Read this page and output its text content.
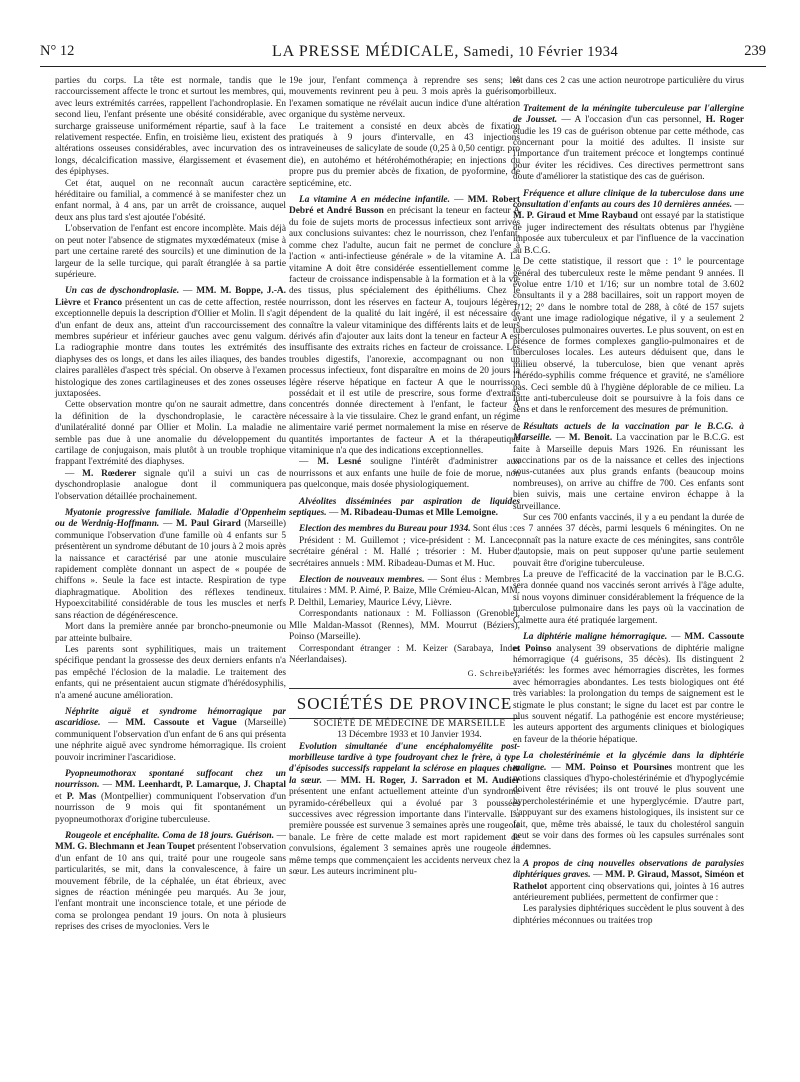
N° 12	LA PRESSE MÉDICALE, Samedi, 10 Février 1934	239

parties du corps. La tête est normale, tandis que le raccourcissement affecte le tronc et surtout les membres, qui, avec leurs extrémités carrées, rappellent l'achondroplasie. En second lieu, l'enfant présente une obésité considérable, avec surcharge graisseuse uniformément répartie, sauf à la face relativement respectée. Enfin, en troisième lieu, existent des altérations osseuses considérables, avec incurvation des os longs, décalcification massive, élargissement et évasement des épiphyses.

Cet état, auquel on ne reconnaît aucun caractère héréditaire ou familial, a commencé à se manifester chez un enfant normal, à 4 ans, par un arrêt de croissance, auquel deux ans plus tard s'est ajoutée l'obésité.

L'observation de l'enfant est encore incomplète. Mais déjà on peut noter l'absence de stigmates myxœdémateux (mise à part une certaine rareté des sourcils) et une diminution de la largeur de la selle turcique, qui paraît étranglée à sa partie supérieure.

Un cas de dyschondroplasie. — MM. M. Boppe, J.-A. Lièvre et Franco présentent un cas de cette affection, restée exceptionnelle depuis la description d'Ollier et Molin. Il s'agit d'un enfant de deux ans, atteint d'un raccourcissement des membres supérieur et inférieur gauches avec genu valgum. La radiographie montre dans toutes les extrémités des diaphyses des os longs, et dans les ailes iliaques, des bandes claires parallèles d'aspect très spécial. On observe à l'examen histologique des zones cartilagineuses et des zones osseuses juxtaposées.

Cette observation montre qu'on ne saurait admettre, dans la définition de la dyschondroplasie, le caractère d'unilatéralité donné par Ollier et Molin. La maladie ne semble pas due à une anomalie du développement du cartilage de conjugaison, mais plutôt à un trouble trophique frappant l'extrémité des diaphyses.

— M. Rœderer signale qu'il a suivi un cas de dyschondroplasie analogue dont il communiquera l'observation détaillée prochainement.

Myatonie progressive familiale. Maladie d'Oppenheim ou de Werdnig-Hoffmann. — M. Paul Girard (Marseille) communique l'observation d'une famille où 4 enfants sur 5 présentèrent un syndrome débutant de 10 jours à 2 mois après la naissance et caractérisé par une atonie musculaire rapidement complète donnant un aspect de « poupée de chiffons ». Seule la face est intacte. Respiration de type diaphragmatique. Abolition des réflexes tendineux. Hypoexcitabilité considérable de tous les muscles et nerfs sans réaction de dégénérescence.

Mort dans la première année par broncho-pneumonie ou par atteinte bulbaire.

Les parents sont syphilitiques, mais un traitement spécifique pendant la grossesse des deux derniers enfants n'a pas empêché l'éclosion de la maladie. Le traitement des enfants, qui ne présentaient aucun stigmate d'hérédosyphilis, n'a amené aucune amélioration.

Néphrite aiguë et syndrome hémorragique par ascaridiose. — MM. Cassoute et Vague (Marseille) communiquent l'observation d'un enfant de 6 ans qui présenta une néphrite aiguë avec syndrome hémorragique. Ils croient pouvoir incriminer l'ascaridiose.

Pyopneumothorax spontané suffocant chez un nourrisson. — MM. Leenhardt, P. Lamarque, J. Chaptal et P. Mas (Montpellier) communiquent l'observation d'un nourrisson de 9 mois qui fit spontanément un pyopneumothorax d'origine tuberculeuse.

Rougeole et encéphalite. Coma de 18 jours. Guérison. — MM. G. Blechmann et Jean Toupet présentent l'observation d'un enfant de 10 ans qui, traité pour une rougeole sans particularités, se mit, dans la convalescence, à faire un mouvement fébrile, de la céphalée, un état ébrieux, avec signes de réaction méningée peu marqués. Au 3e jour, l'enfant montrait une inconscience totale, et une période de coma se prolongea pendant 19 jours. On nota à plusieurs reprises des crises de myoclonies. Vers le

19e jour, l'enfant commença à reprendre ses sens; les mouvements revinrent peu à peu. 3 mois après la guérison, l'examen somatique ne révélait aucun indice d'une altération organique du système nerveux.

Le traitement a consisté en deux abcès de fixation pratiqués à 9 jours d'intervalle, en 43 injections intraveineuses de salicylate de soude (0,25 à 0,50 centigr. pro die), en autohémo et hétérohémothérapie; en injections du propre pus du premier abcès de fixation, de pyoformine, de septicémine, etc.

La vitamine A en médecine infantile. — MM. Robert Debré et André Busson en précisant la teneur en facteur A du foie de sujets morts de processus infectieux sont arrivés aux conclusions suivantes: chez le nourrisson, chez l'enfant, comme chez l'adulte, aucun fait ne permet de conclure à l'action « anti-infectieuse générale » de la vitamine A. La vitamine A doit être considérée essentiellement comme le facteur de croissance indispensable à la formation et à la vie des tissus, plus spécialement des épithéliums. Chez le nourrisson, dont les réserves en facteur A, toujours légères, dépendent de la qualité du lait ingéré, il est nécessaire de connaître la valeur vitaminique des différents laits et de leurs dérivés afin d'ajouter aux laits dont la teneur en facteur A est insuffisante des extraits riches en facteur de croissance. Les troubles digestifs, l'anorexie, accompagnant ou non un processus infectieux, font disparaître en moins de 20 jours la légère réserve hépatique en facteur A que le nourrisson possédait et il est utile de prescrire, sous forme d'extraits concentrés donnée directement à l'enfant, le facteur A nécessaire à la vie tissulaire. Chez le grand enfant, un régime alimentaire varié permet normalement la mise en réserve de quantités importantes de facteur A et la thérapeutique vitaminique n'a que des indications exceptionnelles.

— M. Lesné souligne l'intérêt d'administrer aux nourrissons et aux enfants une huile de foie de morue, non pas quelconque, mais dosée physiologiquement.

Alvéolites disséminées par aspiration de liquides septiques. — M. Ribadeau-Dumas et Mlle Lemoigne.

Election des membres du Bureau pour 1934. Sont élus :

Président : M. Guillemot ; vice-président : M. Lance ; secrétaire général : M. Hallé ; trésorier : M. Huber ; secrétaires annuels : MM. Ribadeau-Dumas et M. Huc.

Election de nouveaux membres. — Sont élus : Membres titulaires : MM. P. Aimé, P. Baize, Mlle Crémieu-Alcan, MM. P. Delthil, Lemariey, Maurice Lévy, Lièvre.

Correspondants nationaux : M. Folliasson (Grenoble), Mlle Maldan-Massot (Rennes), MM. Mourrut (Béziers), Poinso (Marseille).

Correspondant étranger : M. Keizer (Sarabaya, Indes Néerlandaises).

G. Schreiber.

SOCIÉTÉS DE PROVINCE

SOCIÉTÉ DE MÉDECINE DE MARSEILLE

13 Décembre 1933 et 10 Janvier 1934.

Evolution simultanée d'une encéphalomyélite post-morbilleuse tardive à type foudroyant chez le frère, à type d'épisodes successifs rappelant la sclérose en plaques chez la sœur. — MM. H. Roger, J. Sarradon et M. Audier présentent une enfant actuellement atteinte d'un syndrome pyramido-cérébelleux qui a évolué par 3 poussées successives avec régression importante dans l'intervalle. La première poussée est survenue 3 semaines après une rougeole banale. Le frère de cette malade est mort rapidement de convulsions, également 3 semaines après une rougeole en même temps que commençaient les accidents nerveux chez la sœur. Les auteurs incriminent plu-

tôt dans ces 2 cas une action neurotrope particulière du virus morbilleux.

Traitement de la méningite tuberculeuse par l'allergine de Jousset. — A l'occasion d'un cas personnel, H. Roger étudie les 19 cas de guérison obtenue par cette méthode, cas concernant pour la moitié des adultes. Il insiste sur l'importance d'un traitement précoce et longtemps continué pour éviter les récidives. Ces directives permettront sans doute d'améliorer la statistique des cas de guérison.

Fréquence et allure clinique de la tuberculose dans une consultation d'enfants au cours des 10 dernières années. — M. P. Giraud et Mme Raybaud ont essayé par la statistique de juger indirectement des résultats obtenus par l'hygiène imposée aux tuberculeux et par l'influence de la vaccination au B.C.G.

De cette statistique, il ressort que : 1° le pourcentage général des tuberculeux reste le même pendant 9 années. Il évolue entre 1/10 et 1/16; sur un nombre total de 3.602 consultants il y a 288 bacillaires, soit un rapport moyen de 1/12; 2° dans le nombre total de 288, à côté de 157 sujets ayant une image radiologique négative, il y a seulement 2 tuberculoses pulmonaires ouvertes. Le plus souvent, on est en présence de formes complexes ganglio-pulmonaires et de tuberculoses locales. Les auteurs déduisent que, dans le milieu observé, la tuberculose, bien que venant après l'hérédo-syphilis comme fréquence et gravité, ne s'améliore pas. Ceci semble dû à l'hygiène déplorable de ce milieu. La lutte anti-tuberculeuse doit se poursuivre à la fois dans ce sens et dans le renforcement des mesures de prémunition.

Résultats actuels de la vaccination par le B.C.G. à Marseille. — M. Benoit. La vaccination par le B.C.G. est faite à Marseille depuis Mars 1926. En réunissant les vaccinations par os de la naissance et celles des injections sous-cutanées aux plus grands enfants (beaucoup moins nombreuses), on arrive au chiffre de 700. Ces enfants sont bien suivis, mais une certaine environ échappe à la surveillance.

Sur ces 700 enfants vaccinés, il y a eu pendant la durée de ces 7 années 37 décès, parmi lesquels 6 méningites. On ne connaît pas la nature exacte de ces méningites, sans contrôle d'autopsie, mais on peut supposer qu'une partie seulement pouvait être d'origine tuberculeuse.

La preuve de l'efficacité de la vaccination par le B.C.G. sera donnée quand nos vaccinés seront arrivés à l'âge adulte, si nous voyons diminuer considérablement la fréquence de la tuberculose pulmonaire dans les pays où la vaccination de Calmette aura été pratiquée largement.

La diphtérie maligne hémorragique. — MM. Cassoute et Poinso analysent 39 observations de diphtérie maligne hémorragique (4 guérisons, 35 décès). Ils distinguent 2 variétés: les formes avec hémorragies discrètes, les formes avec hémorragies abondantes. Les tests biologiques ont été très variables: la prolongation du temps de saignement est le stigmate le plus constant; le signe du lacet est par contre le plus souvent négatif. La pathogénie est encore mystérieuse; les auteurs apportent des arguments cliniques et biologiques en faveur de la théorie hépatique.

La cholestérinémie et la glycémie dans la diphtérie maligne. — MM. Poinso et Poursines montrent que les notions classiques d'hypo-cholestérinémie et d'hypoglycémie doivent être révisées; ils ont trouvé le plus souvent une hypercholestérinémie et une hyperglycémie. D'autre part, s'appuyant sur des examens histologiques, ils insistent sur ce fait, que, même très abaissé, le taux du cholestérol sanguin peut se voir dans des formes où les capsules surrénales sont indemnes.

A propos de cinq nouvelles observations de paralysies diphtériques graves. — MM. P. Giraud, Massot, Siméon et Rathelot apportent cinq observations qui, jointes à 16 autres antérieurement publiées, permettent de confirmer que :

Les paralysies diphtériques succèdent le plus souvent à des diphtéries méconnues ou traitées trop
